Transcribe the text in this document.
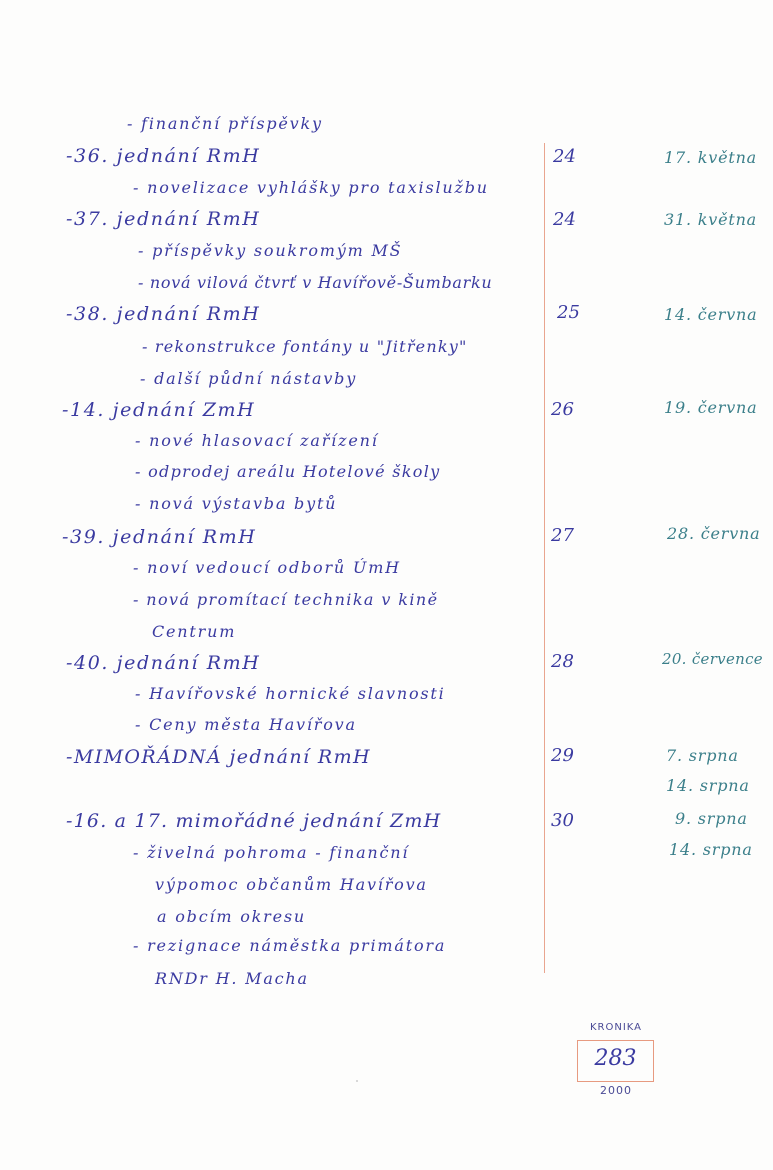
- finanční příspěvky
-36. jednání RmH
- novelizace vyhlášky pro taxislužbu
-37. jednání RmH
- příspěvky soukromým MŠ
- nová vilová čtvrť v Havířově-Šumbarku
-38. jednání RmH
- rekonstrukce fontány u "Jitřenky"
- další půdní nástavby
-14. jednání ZmH
- nové hlasovací zařízení
- odprodej areálu Hotelové školy
- nová výstavba bytů
-39. jednání RmH
- noví vedoucí odborů ÚmH
- nová promítací technika v kině
Centrum
-40. jednání RmH
- Havířovské hornické slavnosti
- Ceny města Havířova
-MIMOŘÁDNÁ jednání RmH
-16. a 17. mimořádné jednání ZmH
- živelná pohroma - finanční
výpomoc občanům Havířova
a obcím okresu
- rezignace náměstka primátora
RNDr H. Macha
24
24
25
26
27
28
29
30
17. května
31. května
14. června
19. června
28. června
20. července
7. srpna
14. srpna
9. srpna
14. srpna
KRONIKA
283
2000
